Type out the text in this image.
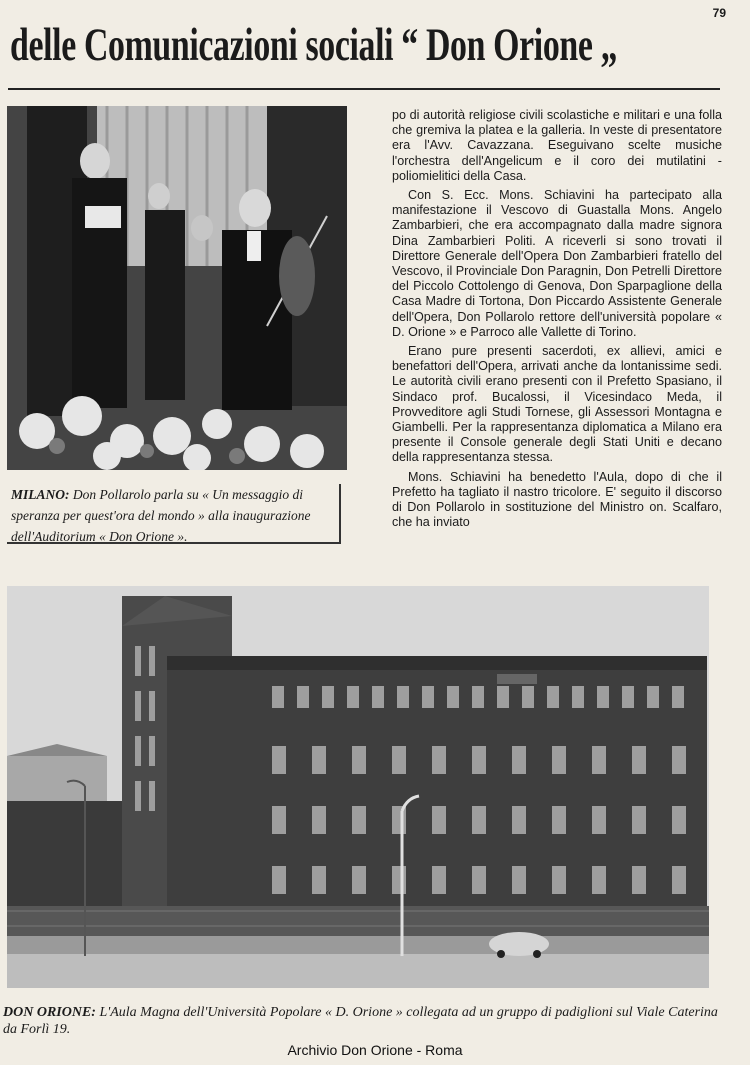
79
delle Comunicazioni sociali “ Don Orione „
MILANO: Don Pollarolo parla su « Un messaggio di speranza per quest'ora del mondo » alla inaugurazione dell'Auditorium « Don Orione ».

po di autorità religiose civili scolastiche e militari e una folla che gremiva la platea e la galleria. In veste di presentatore era l'Avv. Cavazzana. Eseguivano scelte musiche l'orchestra dell'Angelicum e il coro dei mutilatini - poliomielitici della Casa.

Con S. Ecc. Mons. Schiavini ha partecipato alla manifestazione il Vescovo di Guastalla Mons. Angelo Zambarbieri, che era accompagnato dalla madre signora Dina Zambarbieri Politi. A riceverli si sono trovati il Direttore Generale dell'Opera Don Zambarbieri fratello del Vescovo, il Provinciale Don Paragnin, Don Petrelli Direttore del Piccolo Cottolengo di Genova, Don Sparpaglione della Casa Madre di Tortona, Don Piccardo Assistente Generale dell'Opera, Don Pollarolo rettore dell'università popolare « D. Orione » e Parroco alle Vallette di Torino.

Erano pure presenti sacerdoti, ex allievi, amici e benefattori dell'Opera, arrivati anche da lontanissime sedi. Le autorità civili erano presenti con il Prefetto Spasiano, il Sindaco prof. Bucalossi, il Vicesindaco Meda, il Provveditore agli Studi Tornese, gli Assessori Montagna e Giambelli. Per la rappresentanza diplomatica a Milano era presente il Console generale degli Stati Uniti e decano della rappresentanza stessa.

Mons. Schiavini ha benedetto l'Aula, dopo di che il Prefetto ha tagliato il nastro tricolore. E' seguito il discorso di Don Pollarolo in sostituzione del Ministro on. Scalfaro, che ha inviato

DON ORIONE: L'Aula Magna dell'Università Popolare « D. Orione » collegata ad un gruppo di padiglioni sul Viale Caterina da Forlì 19.
Archivio Don Orione - Roma
